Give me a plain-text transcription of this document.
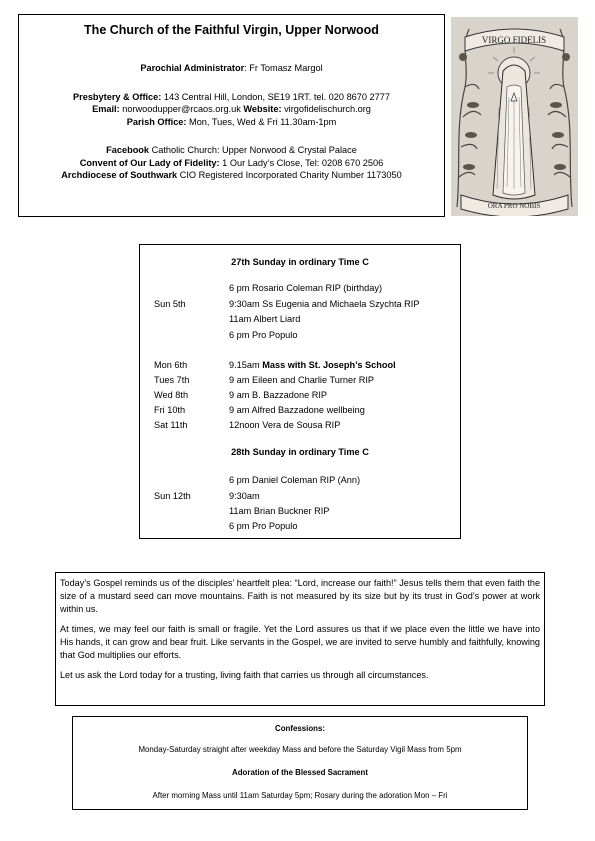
The Church of the Faithful Virgin, Upper Norwood
Parochial Administrator: Fr Tomasz Margol
Presbytery & Office: 143 Central Hill, London, SE19 1RT. tel. 020 8670 2777
Email: norwoodupper@rcaos.org.uk Website: virgofidelischurch.org
Parish Office: Mon, Tues, Wed & Fri 11.30am-1pm
Facebook Catholic Church: Upper Norwood & Crystal Palace
Convent of Our Lady of Fidelity: 1 Our Lady’s Close, Tel: 0208 670 2506
Archdiocese of Southwark CIO Registered Incorporated Charity Number 1173050
VIRGO FIDELIS
ORA PRO NOBIS
27th Sunday in ordinary Time C
6 pm Rosario Coleman RIP (birthday)
Sun 5th	9:30am Ss Eugenia and Michaela Szychta RIP
11am Albert Liard
6 pm Pro Populo
Mon 6th	9.15am Mass with St. Joseph’s School
Tues 7th	9 am Eileen and Charlie Turner RIP
Wed 8th	9 am B. Bazzadone RIP
Fri 10th	9 am Alfred Bazzadone wellbeing
Sat 11th	12noon Vera de Sousa RIP
28th Sunday in ordinary Time C
6 pm Daniel Coleman RIP (Ann)
Sun 12th	9:30am
11am Brian Buckner RIP
6 pm Pro Populo

Today’s Gospel reminds us of the disciples’ heartfelt plea: “Lord, increase our faith!” Jesus tells them that even faith the size of a mustard seed can move mountains. Faith is not measured by its size but by its trust in God’s power at work within us.

At times, we may feel our faith is small or fragile. Yet the Lord assures us that if we place even the little we have into His hands, it can grow and bear fruit. Like servants in the Gospel, we are invited to serve humbly and faithfully, knowing that God multiplies our efforts.

Let us ask the Lord today for a trusting, living faith that carries us through all circumstances.

Confessions:
Monday-Saturday straight after weekday Mass and before the Saturday Vigil Mass from 5pm
Adoration of the Blessed Sacrament
After morning Mass until 11am Saturday 5pm; Rosary during the adoration Mon – Fri
